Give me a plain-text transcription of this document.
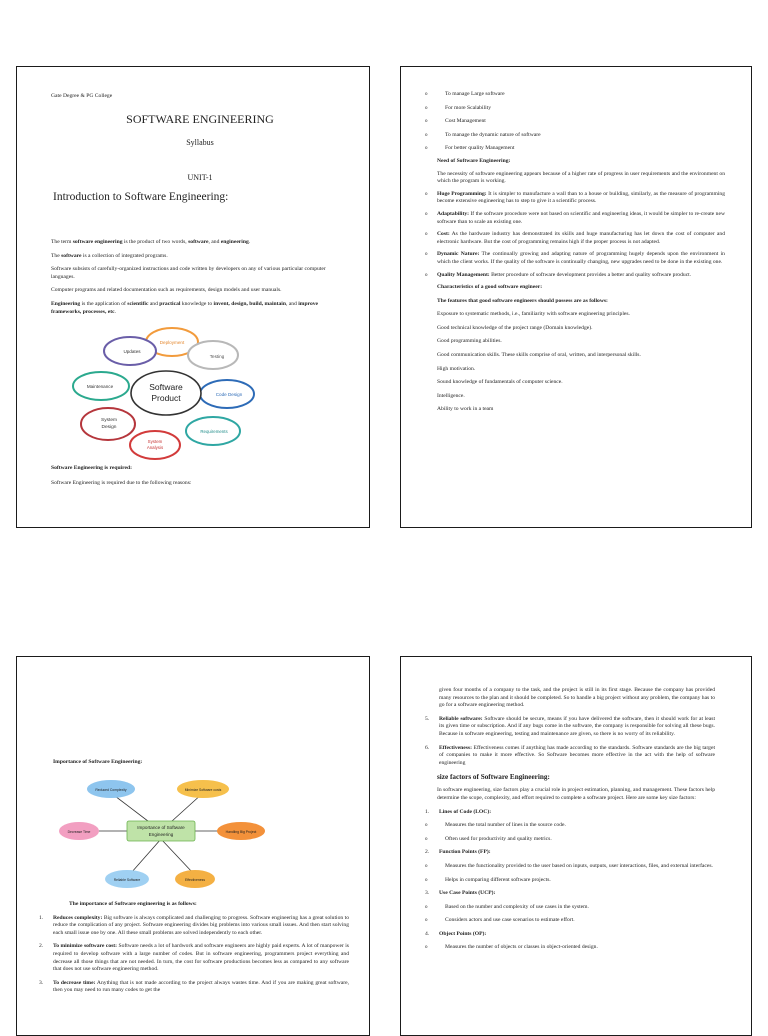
Gate Degree & PG College

SOFTWARE ENGINEERING

Syllabus

UNIT-1

Introduction to Software Engineering:

The term software engineering is the product of two words, software, and engineering.

The software is a collection of integrated programs.

Software subsists of carefully-organized instructions and code written by developers on any of various particular computer languages.

Computer programs and related documentation such as requirements, design models and user manuals.

Engineering is the application of scientific and practical knowledge to invent, design, build, maintain, and improve frameworks, processes, etc.

Software
Product
Deployment
Testing
Code Design
Requirements
System
Analysis
System
Design
Maintenance
Updates

Software Engineering is required:

Software Engineering is required due to the following reasons:

o To manage Large software

o For more Scalability

o Cost Management

o To manage the dynamic nature of software

o For better quality Management

Need of Software Engineering:

The necessity of software engineering appears because of a higher rate of progress in user requirements and the environment on which the program is working.

o Huge Programming: It is simpler to manufacture a wall than to a house or building, similarly, as the measure of programming become extensive engineering has to step to give it a scientific process.

o Adaptability: If the software procedure were not based on scientific and engineering ideas, it would be simpler to re-create new software than to scale an existing one.

o Cost: As the hardware industry has demonstrated its skills and huge manufacturing has let down the cost of computer and electronic hardware. But the cost of programming remains high if the proper process is not adapted.

o Dynamic Nature: The continually growing and adapting nature of programming hugely depends upon the environment in which the client works. If the quality of the software is continually changing, new upgrades need to be done in the existing one.

o Quality Management: Better procedure of software development provides a better and quality software product.

Characteristics of a good software engineer:

The features that good software engineers should possess are as follows:

Exposure to systematic methods, i.e., familiarity with software engineering principles.

Good technical knowledge of the project range (Domain knowledge).

Good programming abilities.

Good communication skills. These skills comprise of oral, written, and interpersonal skills.

High motivation.

Sound knowledge of fundamentals of computer science.

Intelligence.

Ability to work in a team

Importance of Software Engineering:

Importance of Software
Engineering
Reduced Complexity	Minimize Software costs
Decrease Time	Handling Big Project
Reliable Software	Effectiveness

The importance of Software engineering is as follows:

1. Reduces complexity: Big software is always complicated and challenging to progress. Software engineering has a great solution to reduce the complication of any project. Software engineering divides big problems into various small issues. And then start solving each small issue one by one. All these small problems are solved independently to each other.

2. To minimize software cost: Software needs a lot of hardwork and software engineers are highly paid experts. A lot of manpower is required to develop software with a large number of codes. But in software engineering, programmers project everything and decrease all those things that are not needed. In turn, the cost for software productions becomes less as compared to any software that does not use software engineering method.

3. To decrease time: Anything that is not made according to the project always wastes time. And if you are making great software, then you may need to run many codes to get the

given four months of a company to the task, and the project is still in its first stage. Because the company has provided many resources to the plan and it should be completed. So to handle a big project without any problem, the company has to go for a software engineering method.

5. Reliable software: Software should be secure, means if you have delivered the software, then it should work for at least its given time or subscription. And if any bugs come in the software, the company is responsible for solving all these bugs. Because in software engineering, testing and maintenance are given, so there is no worry of its reliability.

6. Effectiveness: Effectiveness comes if anything has made according to the standards. Software standards are the big target of companies to make it more effective. So Software becomes more effective in the act with the help of software engineering

size factors of Software Engineering:

In software engineering, size factors play a crucial role in project estimation, planning, and management. These factors help determine the scope, complexity, and effort required to complete a software project. Here are some key size factors:

1. Lines of Code (LOC):

o Measures the total number of lines in the source code.

o Often used for productivity and quality metrics.

2. Function Points (FP):

o Measures the functionality provided to the user based on inputs, outputs, user interactions, files, and external interfaces.

o Helps in comparing different software projects.

3. Use Case Points (UCP):

o Based on the number and complexity of use cases in the system.

o Considers actors and use case scenarios to estimate effort.

4. Object Points (OP):

o Measures the number of objects or classes in object-oriented design.
